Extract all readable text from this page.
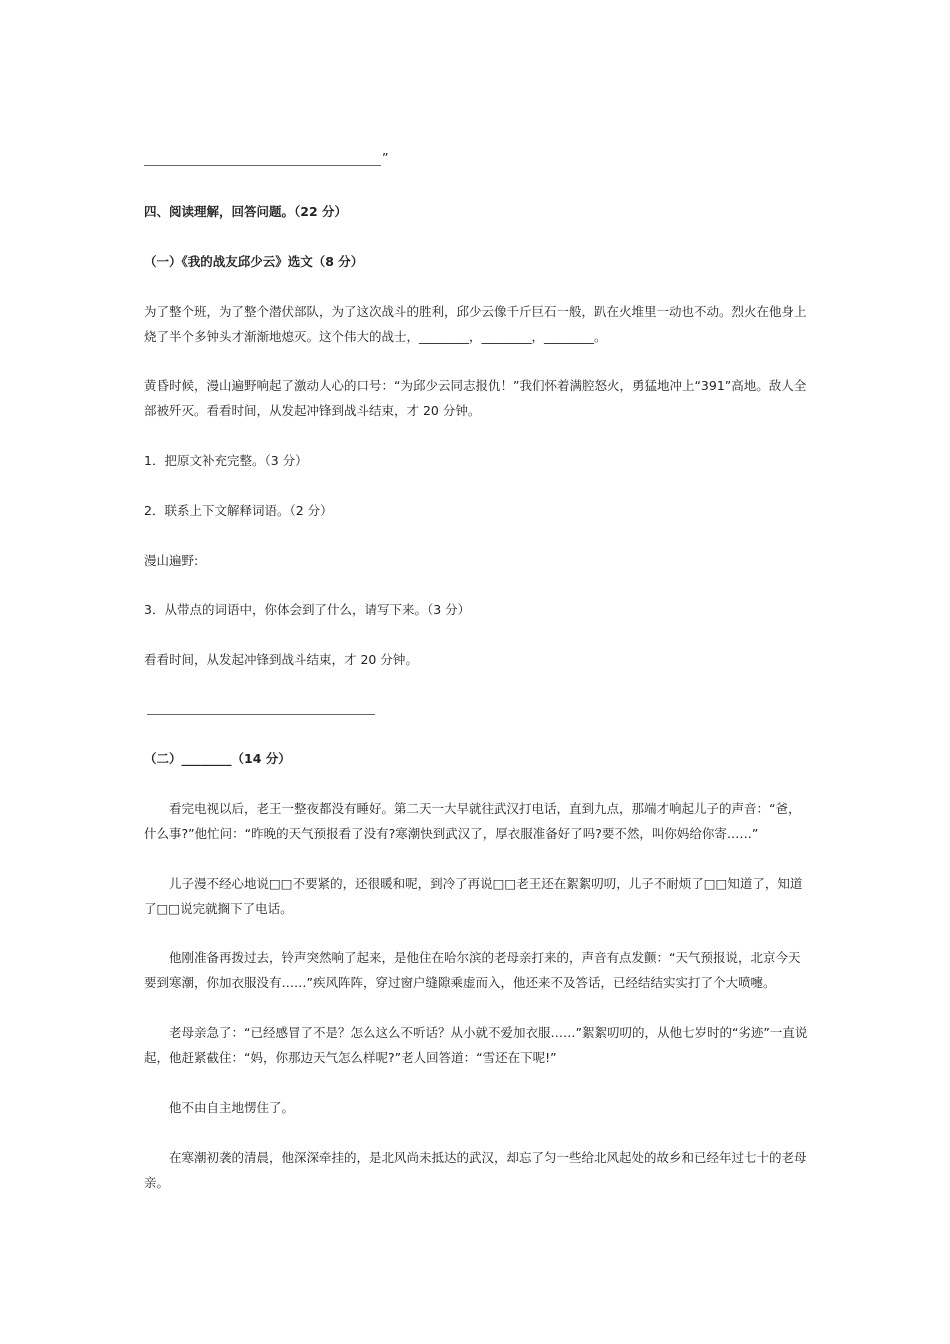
”

四、阅读理解，回答问题。（22 分）

（一）《我的战友邱少云》选文（8 分）

为了整个班，为了整个潜伏部队，为了这次战斗的胜利，邱少云像千斤巨石一般，趴在火堆里一动也不动。烈火在他身上烧了半个多钟头才渐渐地熄灭。这个伟大的战士，________，________，________。

黄昏时候，漫山遍野响起了激动人心的口号：“为邱少云同志报仇！”我们怀着满腔怒火，勇猛地冲上“391”高地。敌人全部被歼灭。看看时间，从发起冲锋到战斗结束，才 20 分钟。

1．把原文补充完整。（3 分）

2．联系上下文解释词语。（2 分）

漫山遍野:

3．从带点的词语中，你体会到了什么，请写下来。（3 分）

看看时间，从发起冲锋到战斗结束，才 20 分钟。

（二）________（14 分）

看完电视以后，老王一整夜都没有睡好。第二天一大早就往武汉打电话，直到九点，那端才响起儿子的声音：“爸，什么事?”他忙问：“昨晚的天气预报看了没有?寒潮快到武汉了，厚衣服准备好了吗?要不然，叫你妈给你寄……”

儿子漫不经心地说□□不要紧的，还很暖和呢，到冷了再说□□老王还在絮絮叨叨，儿子不耐烦了□□知道了，知道了□□说完就搁下了电话。

他刚准备再拨过去，铃声突然响了起来，是他住在哈尔滨的老母亲打来的，声音有点发颤：“天气预报说，北京今天要到寒潮，你加衣服没有……”疾风阵阵，穿过窗户缝隙乘虚而入，他还来不及答话，已经结结实实打了个大喷嚏。

老母亲急了：“已经感冒了不是？怎么这么不听话？从小就不爱加衣服……”絮絮叨叨的，从他七岁时的“劣迹”一直说起，他赶紧截住：“妈，你那边天气怎么样呢?”老人回答道：“雪还在下呢!”

他不由自主地愣住了。

在寒潮初袭的清晨，他深深牵挂的，是北风尚未抵达的武汉，却忘了匀一些给北风起处的故乡和已经年过七十的老母亲。
